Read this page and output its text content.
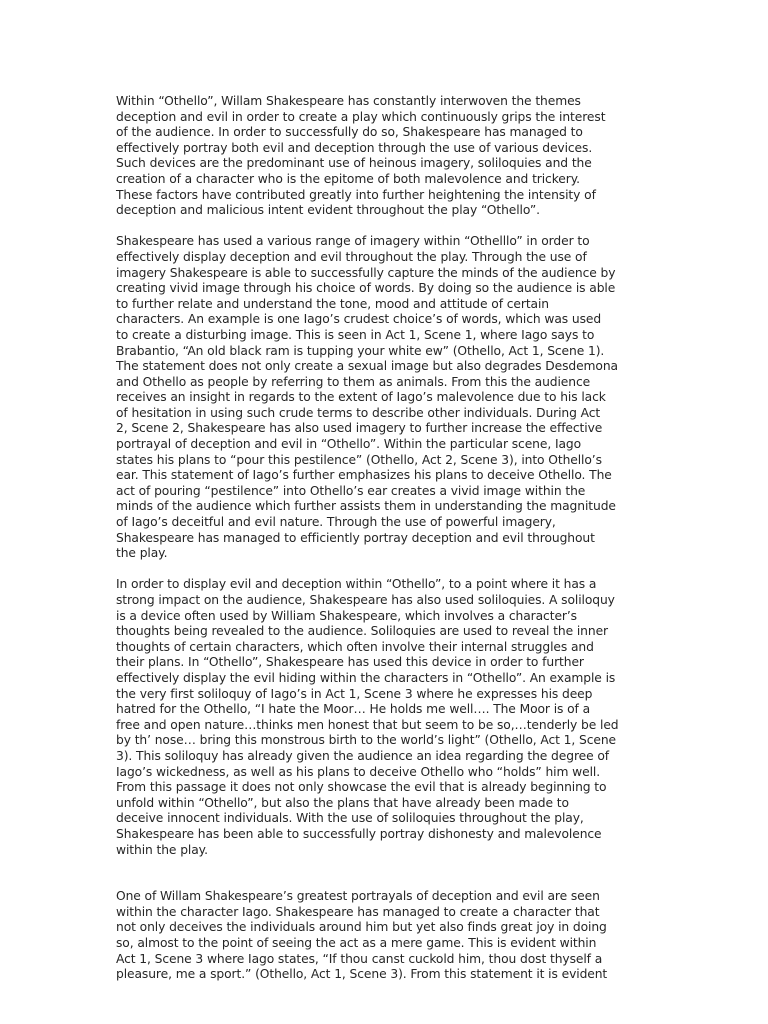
Within “Othello”, Willam Shakespeare has constantly interwoven the themes
deception and evil in order to create a play which continuously grips the interest
of the audience. In order to successfully do so, Shakespeare has managed to
effectively portray both evil and deception through the use of various devices.
Such devices are the predominant use of heinous imagery, soliloquies and the
creation of a character who is the epitome of both malevolence and trickery.
These factors have contributed greatly into further heightening the intensity of
deception and malicious intent evident throughout the play “Othello”.
Shakespeare has used a various range of imagery within “Othelllo” in order to
effectively display deception and evil throughout the play. Through the use of
imagery Shakespeare is able to successfully capture the minds of the audience by
creating vivid image through his choice of words. By doing so the audience is able
to further relate and understand the tone, mood and attitude of certain
characters. An example is one Iago’s crudest choice’s of words, which was used
to create a disturbing image. This is seen in Act 1, Scene 1, where Iago says to
Brabantio, “An old black ram is tupping your white ew” (Othello, Act 1, Scene 1).
The statement does not only create a sexual image but also degrades Desdemona
and Othello as people by referring to them as animals. From this the audience
receives an insight in regards to the extent of Iago’s malevolence due to his lack
of hesitation in using such crude terms to describe other individuals. During Act
2, Scene 2, Shakespeare has also used imagery to further increase the effective
portrayal of deception and evil in “Othello”. Within the particular scene, Iago
states his plans to “pour this pestilence” (Othello, Act 2, Scene 3), into Othello’s
ear. This statement of Iago’s further emphasizes his plans to deceive Othello. The
act of pouring “pestilence” into Othello’s ear creates a vivid image within the
minds of the audience which further assists them in understanding the magnitude
of Iago’s deceitful and evil nature. Through the use of powerful imagery,
Shakespeare has managed to efficiently portray deception and evil throughout
the play.
In order to display evil and deception within “Othello”, to a point where it has a
strong impact on the audience, Shakespeare has also used soliloquies. A soliloquy
is a device often used by William Shakespeare, which involves a character’s
thoughts being revealed to the audience. Soliloquies are used to reveal the inner
thoughts of certain characters, which often involve their internal struggles and
their plans. In “Othello”, Shakespeare has used this device in order to further
effectively display the evil hiding within the characters in “Othello”. An example is
the very first soliloquy of Iago’s in Act 1, Scene 3 where he expresses his deep
hatred for the Othello, “I hate the Moor… He holds me well…. The Moor is of a
free and open nature…thinks men honest that but seem to be so,…tenderly be led
by th’ nose… bring this monstrous birth to the world’s light” (Othello, Act 1, Scene
3). This soliloquy has already given the audience an idea regarding the degree of
Iago’s wickedness, as well as his plans to deceive Othello who “holds” him well.
From this passage it does not only showcase the evil that is already beginning to
unfold within “Othello”, but also the plans that have already been made to
deceive innocent individuals. With the use of soliloquies throughout the play,
Shakespeare has been able to successfully portray dishonesty and malevolence
within the play.
One of Willam Shakespeare’s greatest portrayals of deception and evil are seen
within the character Iago. Shakespeare has managed to create a character that
not only deceives the individuals around him but yet also finds great joy in doing
so, almost to the point of seeing the act as a mere game. This is evident within
Act 1, Scene 3 where Iago states, “If thou canst cuckold him, thou dost thyself a
pleasure, me a sport.” (Othello, Act 1, Scene 3). From this statement it is evident
